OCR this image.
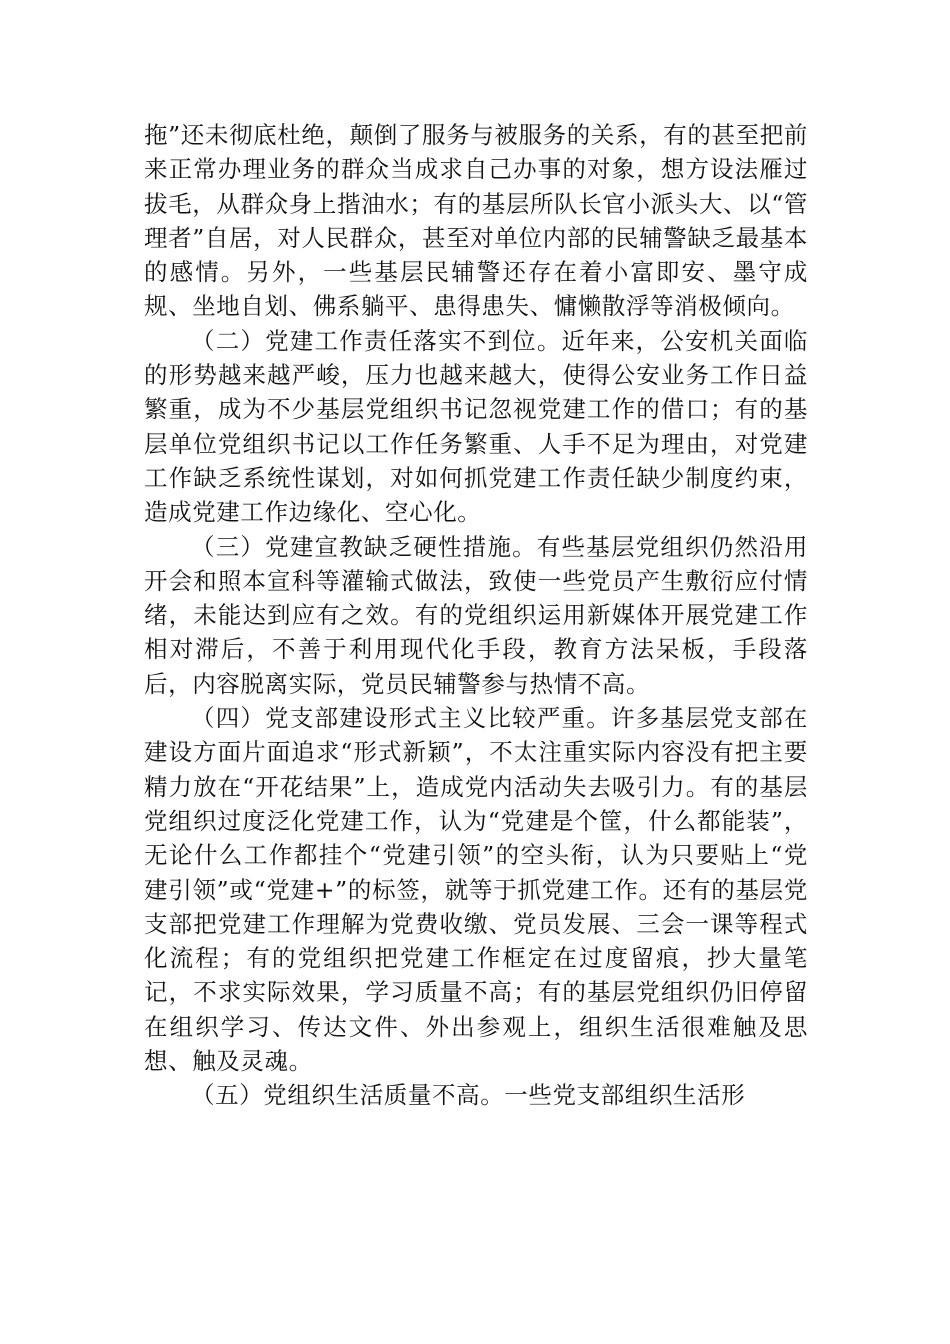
拖”还未彻底杜绝，颠倒了服务与被服务的关系，有的甚至把前来正常办理业务的群众当成求自己办事的对象，想方设法雁过拔毛，从群众身上揩油水；有的基层所队长官小派头大、以“管理者”自居，对人民群众，甚至对单位内部的民辅警缺乏最基本的感情。另外，一些基层民辅警还存在着小富即安、墨守成规、坐地自划、佛系躺平、患得患失、慵懒散浮等消极倾向。

（二）党建工作责任落实不到位。近年来，公安机关面临的形势越来越严峻，压力也越来越大，使得公安业务工作日益繁重，成为不少基层党组织书记忽视党建工作的借口；有的基层单位党组织书记以工作任务繁重、人手不足为理由，对党建工作缺乏系统性谋划，对如何抓党建工作责任缺少制度约束，造成党建工作边缘化、空心化。

（三）党建宣教缺乏硬性措施。有些基层党组织仍然沿用开会和照本宣科等灌输式做法，致使一些党员产生敷衍应付情绪，未能达到应有之效。有的党组织运用新媒体开展党建工作相对滞后，不善于利用现代化手段，教育方法呆板，手段落后，内容脱离实际，党员民辅警参与热情不高。

（四）党支部建设形式主义比较严重。许多基层党支部在建设方面片面追求“形式新颖”，不太注重实际内容没有把主要精力放在“开花结果”上，造成党内活动失去吸引力。有的基层党组织过度泛化党建工作，认为“党建是个筐，什么都能装”，无论什么工作都挂个“党建引领”的空头衔，认为只要贴上“党建引领”或“党建+”的标签，就等于抓党建工作。还有的基层党支部把党建工作理解为党费收缴、党员发展、三会一课等程式化流程；有的党组织把党建工作框定在过度留痕，抄大量笔记，不求实际效果，学习质量不高；有的基层党组织仍旧停留在组织学习、传达文件、外出参观上，组织生活很难触及思想、触及灵魂。

（五）党组织生活质量不高。一些党支部组织生活形
